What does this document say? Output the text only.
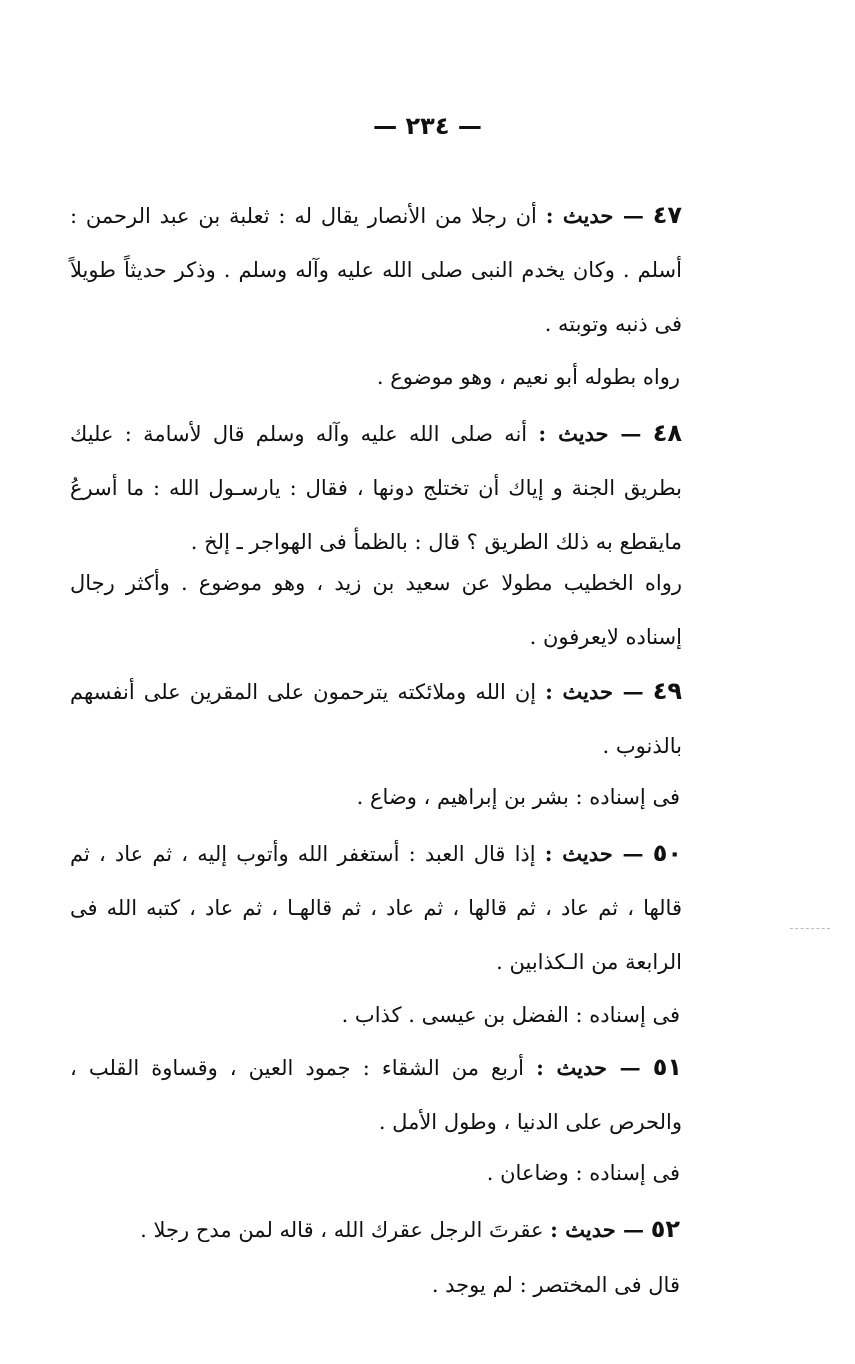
— ٢٣٤ —
٤٧ — حديث : أن رجلا من الأنصار يقال له : ثعلبة بن عبد الرحمن : أسلم . وكان يخدم النبى صلى الله عليه وآله وسلم . وذكر حديثاً طويلاً فى ذنبه وتوبته .
رواه بطوله أبو نعيم ، وهو موضوع .
٤٨ — حديث : أنه صلى الله عليه وآله وسلم قال لأسامة : عليك بطريق الجنة و إياك أن تختلج دونها ، فقال : يارسـول الله : ما أسرعُ مايقطع به ذلك الطريق ؟ قال : بالظمأ فى الهواجر ـ إلخ .
رواه الخطيب مطولا عن سعيد بن زيد ، وهو موضوع . وأكثر رجال إسناده لايعرفون .
٤٩ — حديث : إن الله وملائكته يترحمون على المقرين على أنفسهم بالذنوب .
فى إسناده : بشر بن إبراهيم ، وضاع .
٥٠ — حديث : إذا قال العبد : أستغفر الله وأتوب إليه ، ثم عاد ، ثم قالها ، ثم عاد ، ثم قالها ، ثم عاد ، ثم قالهـا ، ثم عاد ، كتبه الله فى الرابعة من الـكذابين .
فى إسناده : الفضل بن عيسى . كذاب .
٥١ — حديث : أربع من الشقاء : جمود العين ، وقساوة القلب ، والحرص على الدنيا ، وطول الأمل .
فى إسناده : وضاعان .
٥٢ — حديث : عقرتَ الرجل عقرك الله ، قاله لمن مدح رجلا .
قال فى المختصر : لم يوجد .
